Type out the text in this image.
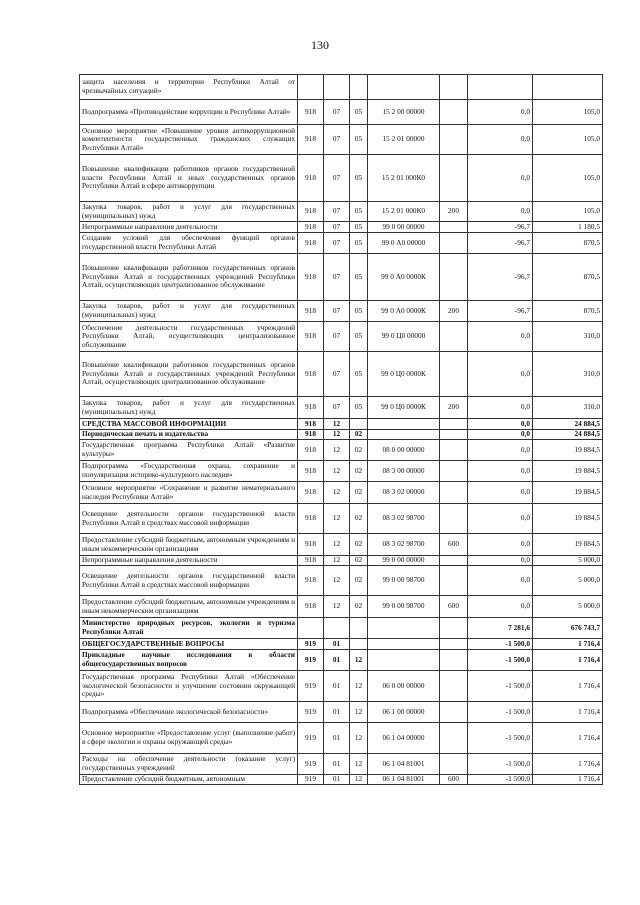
130
защита населения и территории Республики Алтай от чрезвычайных ситуаций»							
Подпрограмма «Противодействие коррупции в Республике Алтай»	918	07	05	15 2 00 00000		0,0	105,0
Основное мероприятие «Повышение уровня антикоррупционной компетентности государственных гражданских служащих Республики Алтай»	918	07	05	15 2 01 00000		0,0	105,0
Повышение квалификации работников органов государственной власти Республики Алтай и иных государственных органов Республики Алтай в сфере антикоррупции	918	07	05	15 2 01 000К0		0,0	105,0
Закупка товаров, работ и услуг для государственных (муниципальных) нужд	918	07	05	15 2 01 000К0	200	0,0	105,0
Непрограммные направления деятельности	918	07	05	99 0 00 00000		-96,7	1 180,5
Создание условий для обеспечения функций органов государственной власти Республики Алтай	918	07	05	99 0 А0 00000		-96,7	870,5
Повышение квалификации работников государственных органов Республики Алтай и государственных учреждений Республики Алтай, осуществляющих централизованное обслуживание	918	07	05	99 0 А0 0000К		-96,7	870,5
Закупка товаров, работ и услуг для государственных (муниципальных) нужд	918	07	05	99 0 А0 0000К	200	-96,7	870,5
Обеспечение деятельности государственных учреждений Республики Алтай, осуществляющих централизованное обслуживание	918	07	05	99 0 Ц0 00000		0,0	310,0
Повышение квалификации работников государственных органов Республики Алтай и государственных учреждений Республики Алтай, осуществляющих централизованное обслуживание	918	07	05	99 0 Ц0 0000К		0,0	310,0
Закупка товаров, работ и услуг для государственных (муниципальных) нужд	918	07	05	99 0 Ц0 0000К	200	0,0	310,0
СРЕДСТВА МАССОВОЙ ИНФОРМАЦИИ	918	12				0,0	24 884,5
Периодическая печать и издательства	918	12	02			0,0	24 884,5
Государственная программа Республики Алтай «Развитие культуры»	918	12	02	08 0 00 00000		0,0	19 884,5
Подпрограмма «Государственная охрана, сохранение и популяризация историко-культурного наследия»	918	12	02	08 3 00 00000		0,0	19 884,5
Основное мероприятие «Сохранение и развитие нематериального наследия Республики Алтай»	918	12	02	08 3 02 00000		0,0	19 884,5
Освещение деятельности органов государственной власти Республики Алтай в средствах массовой информации	918	12	02	08 3 02 98700		0,0	19 884,5
Предоставление субсидий бюджетным, автономным учреждениям и иным некоммерческим организациям	918	12	02	08 3 02 98700	600	0,0	19 884,5
Непрограммные направления деятельности	918	12	02	99 0 00 00000		0,0	5 000,0
Освещение деятельности органов государственной власти Республики Алтай в средствах массовой информации	918	12	02	99 0 00 98700		0,0	5 000,0
Предоставление субсидий бюджетным, автономным учреждениям и иным некоммерческим организациям	918	12	02	99 0 00 98700	600	0,0	5 000,0
Министерство природных ресурсов, экологии и туризма Республики Алтай						7 281,6	676 743,7
ОБЩЕГОСУДАРСТВЕННЫЕ ВОПРОСЫ	919	01				-1 500,0	1 716,4
Прикладные научные исследования в области общегосударственных вопросов	919	01	12			-1 500,0	1 716,4
Государственная программа Республики Алтай «Обеспечение экологической безопасности и улучшение состояния окружающей среды»	919	01	12	06 0 00 00000		-1 500,0	1 716,4
Подпрограмма «Обеспечение экологической безопасности»	919	01	12	06 1 00 00000		-1 500,0	1 716,4
Основное мероприятие «Предоставление услуг (выполнение работ) в сфере экологии и охраны окружающей среды»	919	01	12	06 1 04 00000		-1 500,0	1 716,4
Расходы на обеспечение деятельности (оказание услуг) государственных учреждений	919	01	12	06 1 04 81001		-1 500,0	1 716,4
Предоставление субсидий бюджетным, автономным	919	01	12	06 1 04 81001	600	-1 500,0	1 716,4
